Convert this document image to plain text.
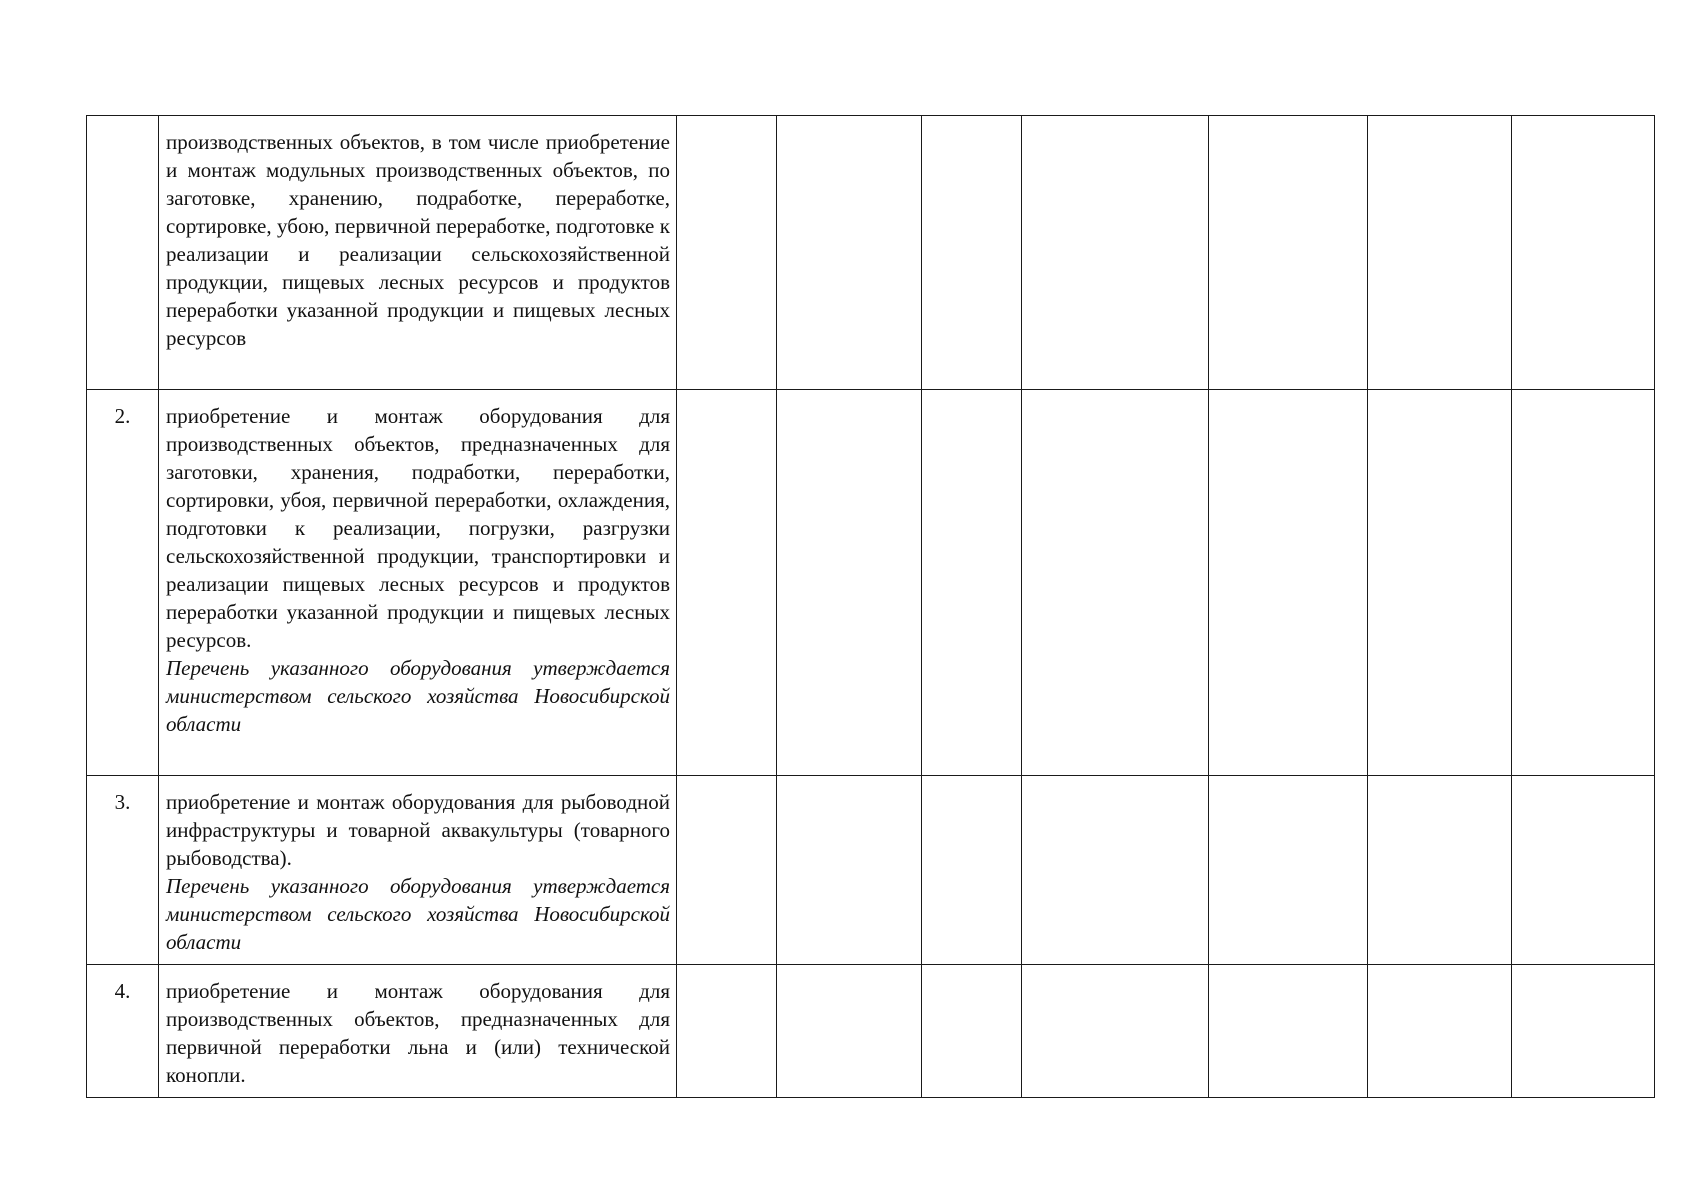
	производственных объектов, в том числе приобретение и монтаж модульных производственных объектов, по заготовке, хранению, подработке, переработке, сортировке, убою, первичной переработке, подготовке к реализации и реализации сельскохозяйственной продукции, пищевых лесных ресурсов и продуктов переработки указанной продукции и пищевых лесных ресурсов							

2.	приобретение и монтаж оборудования для производственных объектов, предназначенных для заготовки, хранения, подработки, переработки, сортировки, убоя, первичной переработки, охлаждения, подготовки к реализации, погрузки, разгрузки сельскохозяйственной продукции, транспортировки и реализации пищевых лесных ресурсов и продуктов переработки указанной продукции и пищевых лесных ресурсов.
Перечень указанного оборудования утверждается министерством сельского хозяйства Новосибирской области							

3.	приобретение и монтаж оборудования для рыбоводной инфраструктуры и товарной аквакультуры (товарного рыбоводства).
Перечень указанного оборудования утверждается министерством сельского хозяйства Новосибирской области							

4.	приобретение и монтаж оборудования для производственных объектов, предназначенных для первичной переработки льна и (или) технической конопли.							
